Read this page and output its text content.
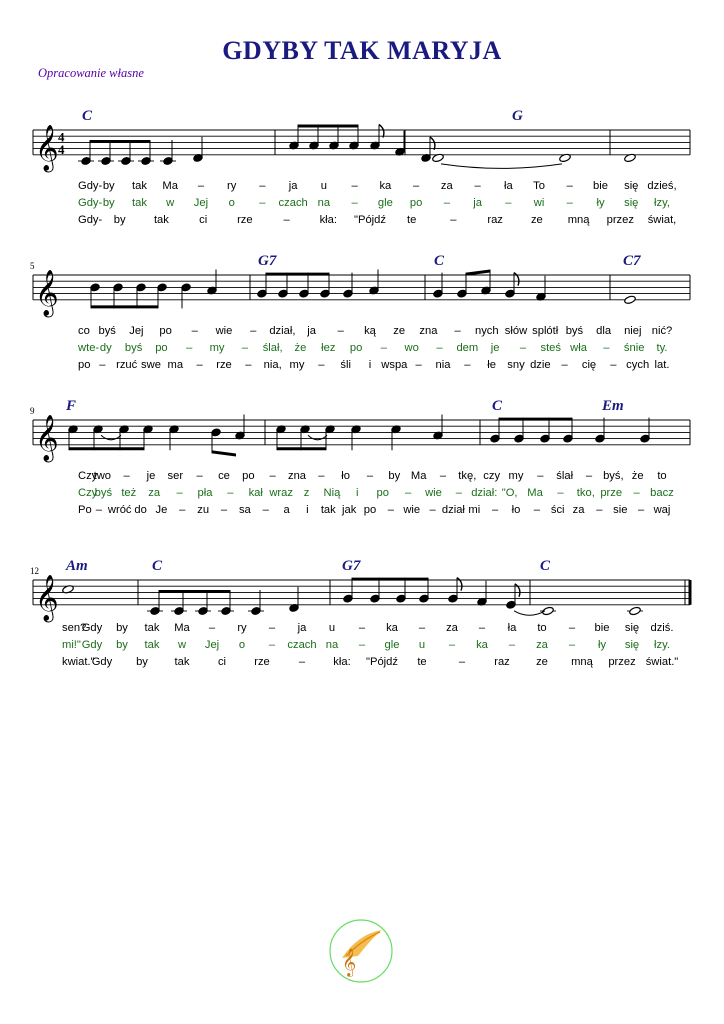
GDYBY TAK MARYJA
Opracowanie własne
𝄞 4
4
C	G
Gdy- by tak Ma – ry – ja u – ka – za – ła To – bie się dzieś,
Gdy- by tak w Jej o – czach na – gle po – ja – wi – ły się łzy,
Gdy- by	tak	ci	rze	–	kła: "Pójdź te	–	raz	ze mną przez świat,
𝄞
5	G7	C	C7
co byś Jej po – wie – dział, ja – ką ze zna – nych słów splótł byś dla niej nić?
wte- dy byś po – my – ślał, że łez po – wo – dem je – steś wła – śnie ty.
po – rzuć swe ma – rze – nia, my – śli i wspa – nia – łe sny dzie – cię – cych lat.
𝄞
9 F	C	Em
Czy
two – je ser – ce po – zna – ło – by Ma – tkę, czy my – ślał – byś, że to
Czy
byś też za – pła – kał wraz z Nią i po – wie – dział: "O, Ma – tko, prze – bacz
Po – wróć do Je – zu – sa – a i tak jak po – wie – dział mi – ło – ści za – sie – waj
𝄞
12 Am	C	G7	C
sen?
Gdy by tak Ma – ry – ja u – ka – za – ła to – bie się dziś.
mi!" Gdy by tak w Jej o – czach na – gle u – ka – za – ły się łzy.
kwiat."
Gdy by tak	ci	rze	–	kła: "Pójdź te	–	raz ze mną przez świat."
𝄞
